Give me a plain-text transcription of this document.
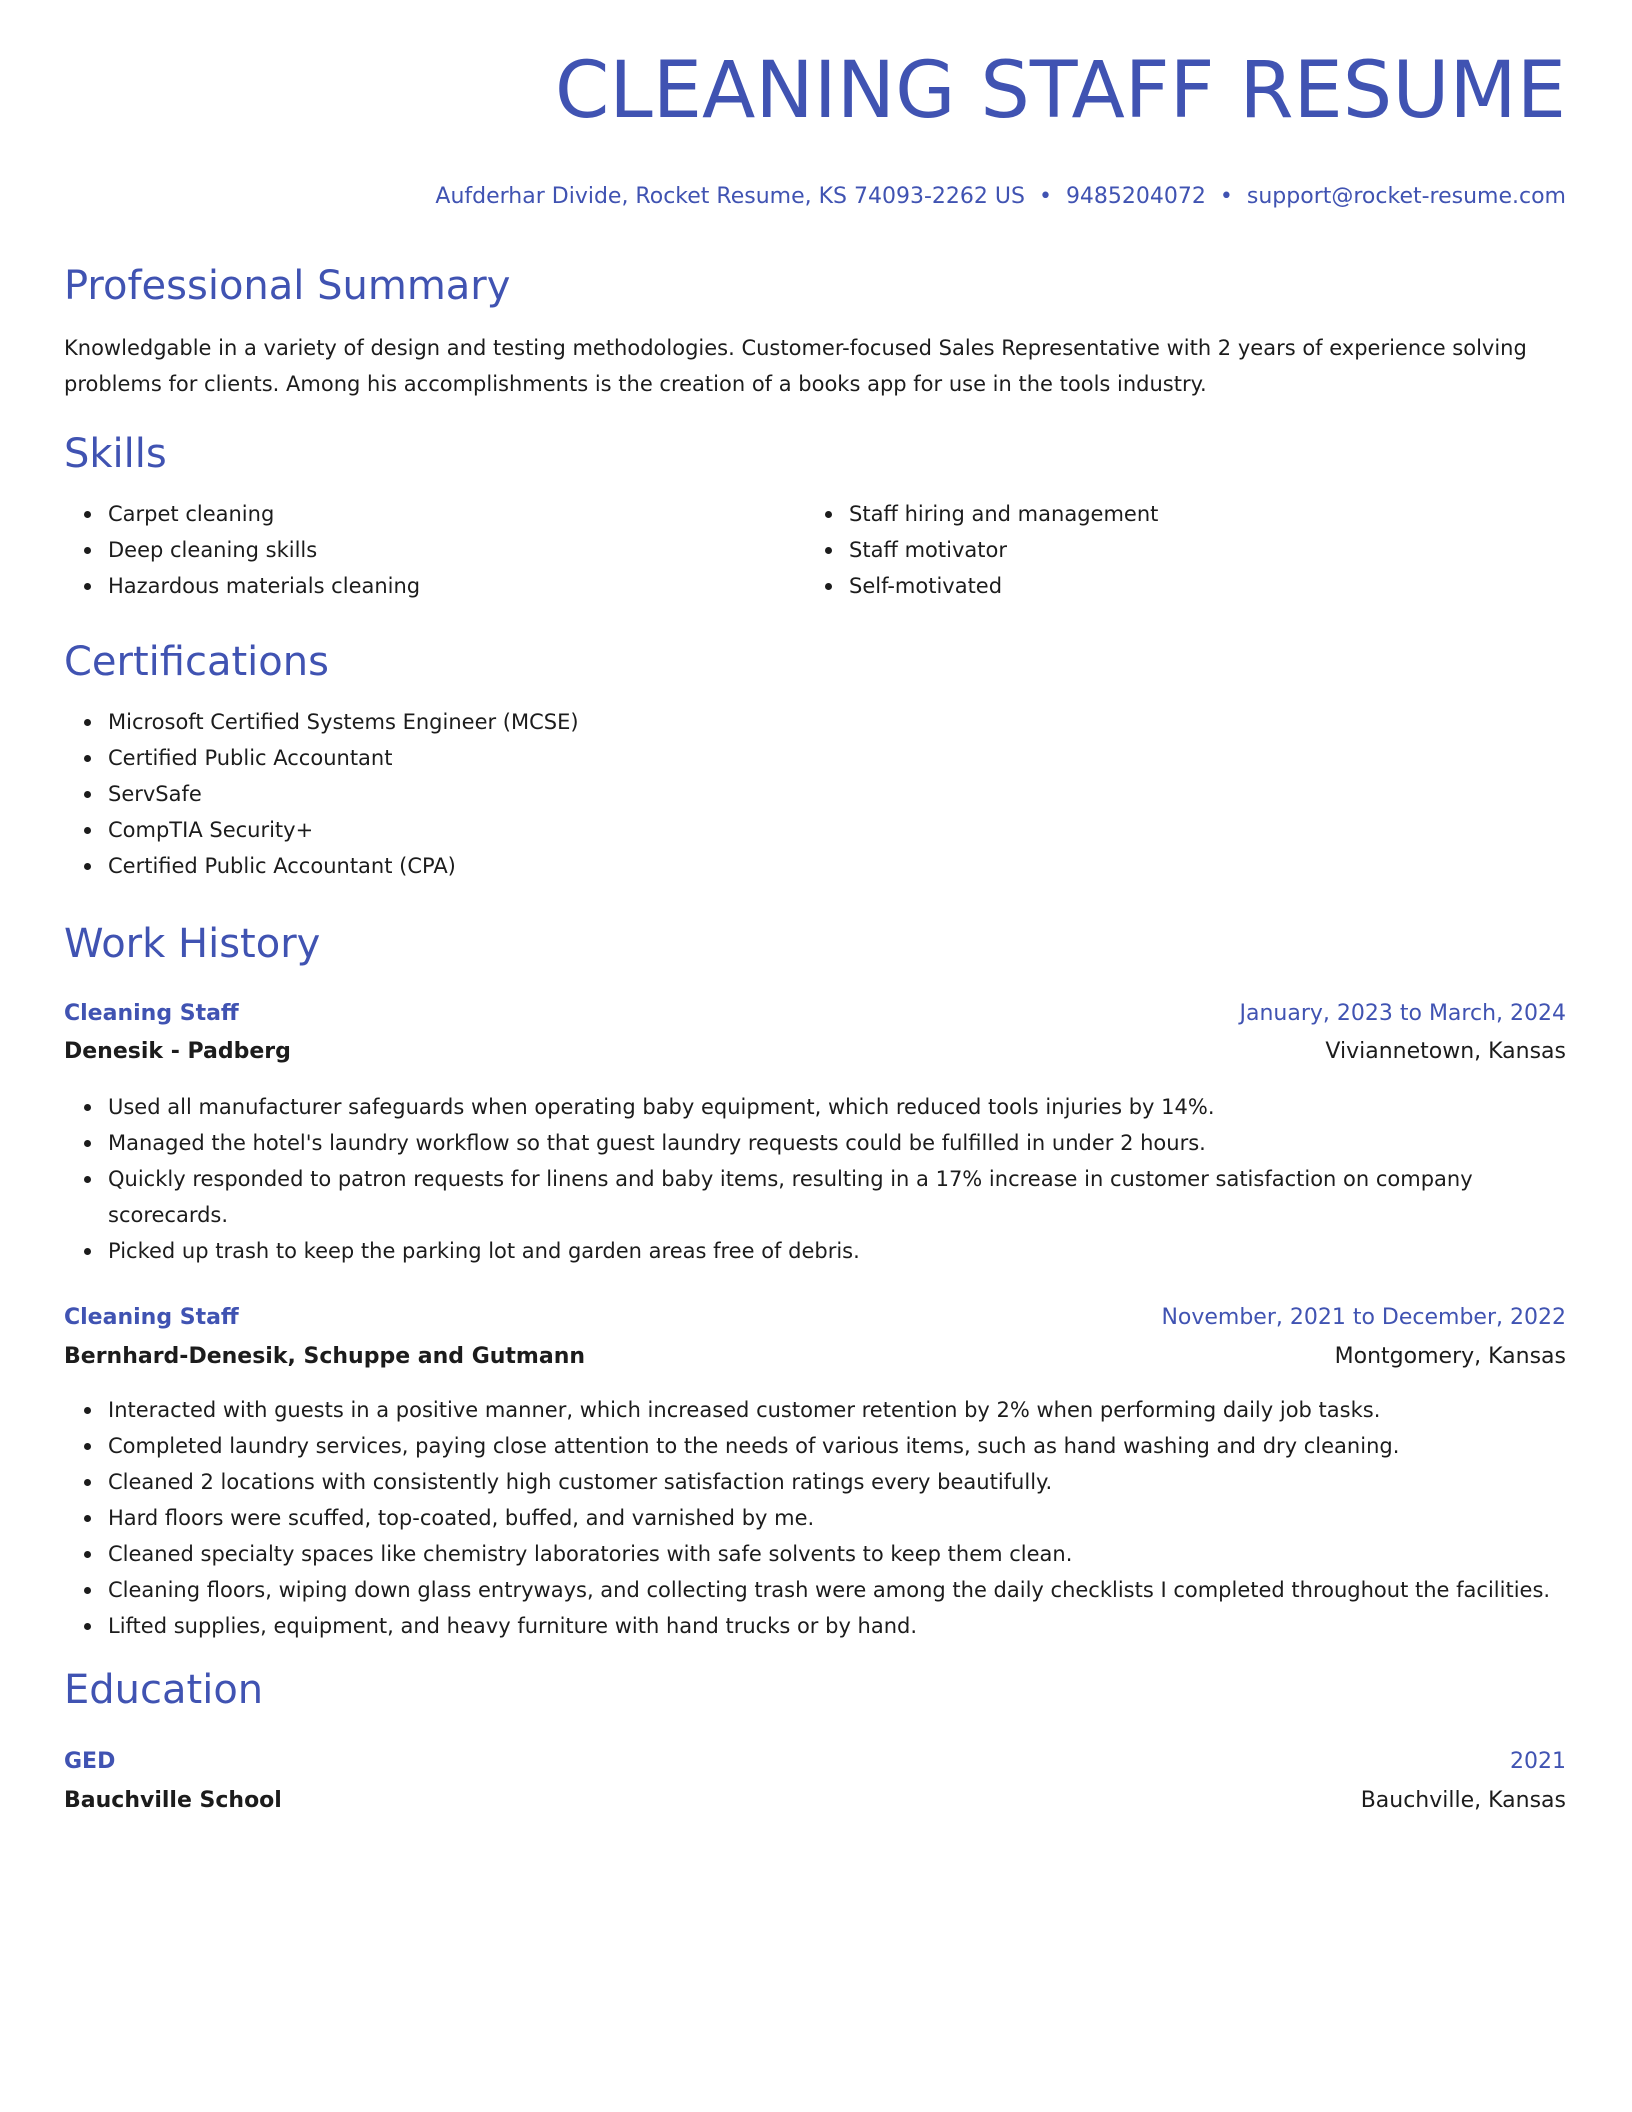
CLEANING STAFF RESUME
Aufderhar Divide, Rocket Resume, KS 74093-2262 US • 9485204072 • support@rocket-resume.com
Professional Summary

Knowledgable in a variety of design and testing methodologies. Customer-focused Sales Representative with 2 years of experience solving problems for clients. Among his accomplishments is the creation of a books app for use in the tools industry.

Skills
Carpet cleaning
Deep cleaning skills
Hazardous materials cleaning
Staff hiring and management
Staff motivator
Self-motivated
Certifications
Microsoft Certified Systems Engineer (MCSE)
Certified Public Accountant
ServSafe
CompTIA Security+
Certified Public Accountant (CPA)
Work History
Cleaning Staff	January, 2023 to March, 2024
Denesik - Padberg	Viviannetown, Kansas
Used all manufacturer safeguards when operating baby equipment, which reduced tools injuries by 14%.
Managed the hotel's laundry workflow so that guest laundry requests could be fulfilled in under 2 hours.
Quickly responded to patron requests for linens and baby items, resulting in a 17% increase in customer satisfaction on company scorecards.
Picked up trash to keep the parking lot and garden areas free of debris.
Cleaning Staff	November, 2021 to December, 2022
Bernhard-Denesik, Schuppe and Gutmann	Montgomery, Kansas
Interacted with guests in a positive manner, which increased customer retention by 2% when performing daily job tasks.
Completed laundry services, paying close attention to the needs of various items, such as hand washing and dry cleaning.
Cleaned 2 locations with consistently high customer satisfaction ratings every beautifully.
Hard floors were scuffed, top-coated, buffed, and varnished by me.
Cleaned specialty spaces like chemistry laboratories with safe solvents to keep them clean.
Cleaning floors, wiping down glass entryways, and collecting trash were among the daily checklists I completed throughout the facilities.
Lifted supplies, equipment, and heavy furniture with hand trucks or by hand.
Education
GED	2021
Bauchville School	Bauchville, Kansas
